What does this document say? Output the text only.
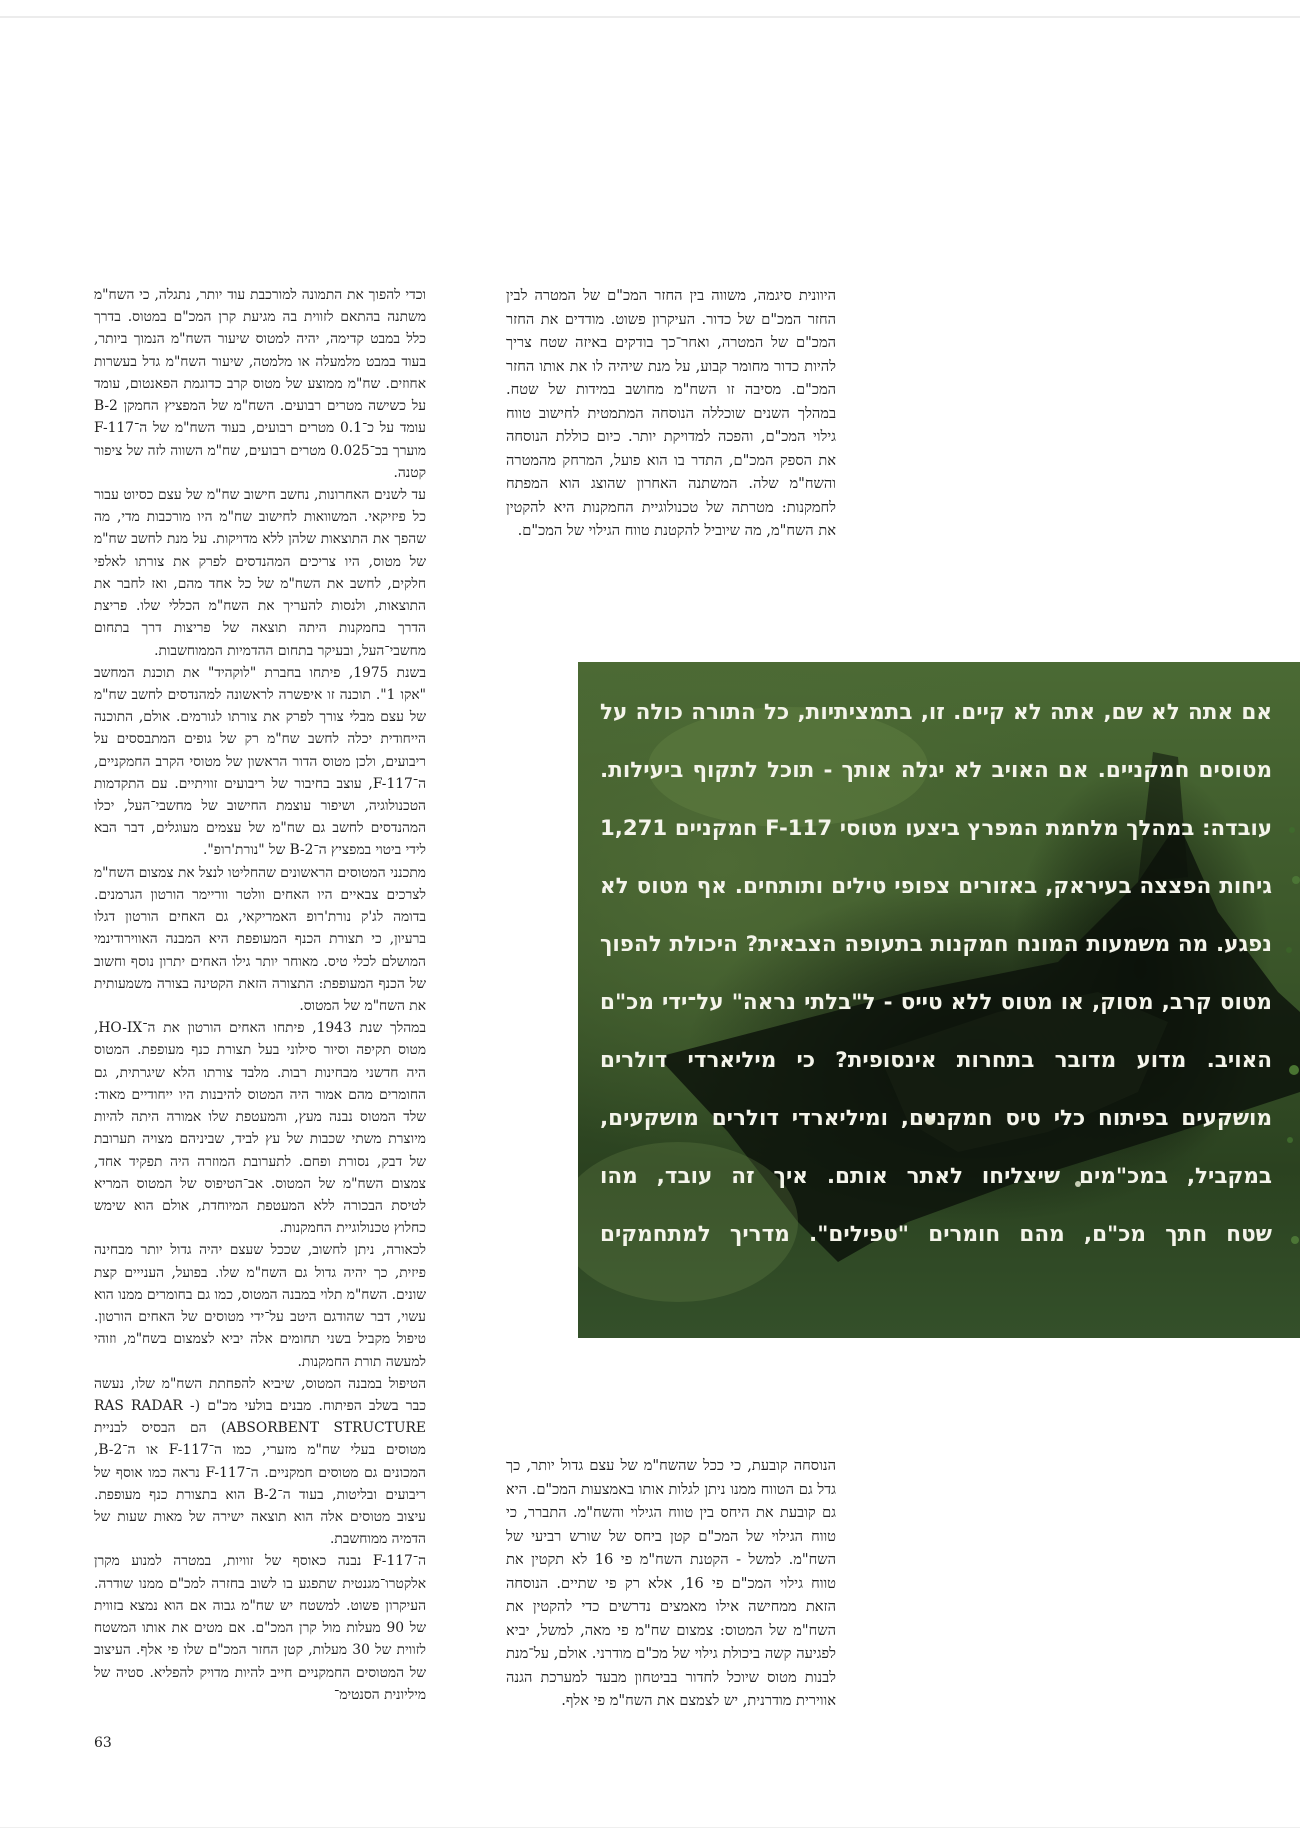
היוונית סיגמה, משווה בין החזר המכ"ם של המטרה לבין החזר המכ"ם של כדור. העיקרון פשוט. מודדים את החזר המכ"ם של המטרה, ואחר־כך בודקים באיזה שטח צריך להיות כדור מחומר קבוע, על מנת שיהיה לו את אותו החזר המכ"ם. מסיבה זו השח"מ מחושב במידות של שטח. במהלך השנים שוכללה הנוסחה המתמטית לחישוב טווח גילוי המכ"ם, והפכה למדויקת יותר. כיום כוללת הנוסחה את הספק המכ"ם, התדר בו הוא פועל, המרחק מהמטרה והשח"מ שלה. המשתנה האחרון שהוצג הוא המפתח לחמקנות: מטרתה של טכנולוגיית החמקנות היא להקטין את השח"מ, מה שיוביל להקטנת טווח הגילוי של המכ"ם.

וכדי להפוך את התמונה למורכבת עוד יותר, נתגלה, כי השח"מ משתנה בהתאם לזווית בה מגיעת קרן המכ"ם במטוס. בדרך כלל במבט קדימה, יהיה למטוס שיעור השח"מ הנמוך ביותר, בעוד במבט מלמעלה או מלמטה, שיעור השח"מ גדל בעשרות אחוזים. שח"מ ממוצע של מטוס קרב כדוגמת הפאנטום, עומד על כשישה מטרים רבועים. השח"מ של המפציץ החמקן B-2 עומד על כ־0.1 מטרים רבועים, בעוד השח"מ של ה־F-117 מוערך בכ־0.025 מטרים רבועים, שח"מ השווה לזה של ציפור קטנה.

עד לשנים האחרונות, נחשב חישוב שח"מ של עצם כסיוט עבור כל פיזיקאי. המשוואות לחישוב שח"מ היו מורכבות מדי, מה שהפך את התוצאות שלהן ללא מדויקות. על מנת לחשב שח"מ של מטוס, היו צריכים המהנדסים לפרק את צורתו לאלפי חלקים, לחשב את השח"מ של כל אחד מהם, ואז לחבר את התוצאות, ולנסות להעריך את השח"מ הכללי שלו. פריצת הדרך בחמקנות היתה תוצאה של פריצות דרך בתחום מחשבי־העל, ובעיקר בתחום ההדמיות הממוחשבות.

בשנת 1975, פיתחו בחברת "לוקהיד" את תוכנת המחשב "אקו 1". תוכנה זו איפשרה לראשונה למהנדסים לחשב שח"מ של עצם מבלי צורך לפרק את צורתו לגורמים. אולם, התוכנה הייחודית יכלה לחשב שח"מ רק של גופים המתבססים על ריבועים, ולכן מטוס הדור הראשון של מטוסי הקרב החמקניים, ה־F-117, עוצב בחיבור של ריבועים זוויתיים. עם התקדמות הטכנולוגיה, ושיפור עוצמת החישוב של מחשבי־העל, יכלו המהנדסים לחשב גם שח"מ של עצמים מעוגלים, דבר הבא לידי ביטוי במפציץ ה־B-2 של "נורת'רופ".

מתכנני המטוסים הראשונים שהחליטו לנצל את צמצום השח"מ לצרכים צבאיים היו האחים וולטר ווריימר הורטון הגרמנים. בדומה לג'ק נורת'רופ האמריקאי, גם האחים הורטון דגלו ברעיון, כי תצורת הכנף המעופפת היא המבנה האווירודינמי המושלם לכלי טיס. מאוחר יותר גילו האחים יתרון נוסף וחשוב של הכנף המעופפת: התצורה הזאת הקטינה בצורה משמעותית את השח"מ של המטוס.

במהלך שנת 1943, פיתחו האחים הורטון את ה־HO-IX, מטוס תקיפה וסיור סילוני בעל תצורת כנף מעופפת. המטוס היה חדשני מבחינות רבות. מלבד צורתו הלא שיגרתית, גם החומרים מהם אמור היה המטוס להיבנות היו ייחודיים מאוד: שלד המטוס נבנה מעץ, והמעטפת שלו אמורה היתה להיות מיוצרת משתי שכבות של עץ לביד, שביניהם מצויה תערובת של דבק, נסורת ופחם. לתערובת המוזרה היה תפקיד אחד, צמצום השח"מ של המטוס. אב־הטיפוס של המטוס המריא לטיסת הבכורה ללא המעטפת המיוחדת, אולם הוא שימש כחלוץ טכנולוגיית החמקנות.

לכאורה, ניתן לחשוב, שככל שעצם יהיה גדול יותר מבחינה פיזית, כך יהיה גדול גם השח"מ שלו. בפועל, הענייים קצת שונים. השח"מ תלוי במבנה המטוס, כמו גם בחומרים ממנו הוא עשוי, דבר שהודגם היטב על־ידי מטוסים של האחים הורטון. טיפול מקביל בשני תחומים אלה יביא לצמצום בשח"מ, וזוהי למעשה תורת החמקנות.

הטיפול במבנה המטוס, שיביא להפחתת השח"מ שלו, נעשה כבר בשלב הפיתוח. מבנים בולעי מכ"ם (- RAS RADAR ABSORBENT STRUCTURE) הם הבסיס לבניית מטוסים בעלי שח"מ מזערי, כמו ה־F-117 או ה־B-2, המכונים גם מטוסים חמקניים. ה־F-117 נראה כמו אוסף של ריבועים ובליטות, בעוד ה־B-2 הוא בתצורת כנף מעופפת. עיצוב מטוסים אלה הוא תוצאה ישירה של מאות שעות של הדמיה ממוחשבת.

ה־F-117 נבנה כאוסף של זוויות, במטרה למנוע מקרן אלקטרו־מגנטית שתפגע בו לשוב בחזרה למכ"ם ממנו שודרה. העיקרון פשוט. למשטח יש שח"מ גבוה אם הוא נמצא בזווית של 90 מעלות מול קרן המכ"ם. אם מטים את אותו המשטח לזווית של 30 מעלות, קטן החזר המכ"ם שלו פי אלף. העיצוב של המטוסים החמקניים חייב להיות מדויק להפליא. סטיה של מיליונית הסנטימ־

אם אתה לא שם, אתה לא קיים. זו, בתמציתיות, כל התורה כולה על
מטוסים חמקניים. אם האויב לא יגלה אותך - תוכל לתקוף ביעילות.
עובדה: במהלך מלחמת המפרץ ביצעו מטוסי F-117 חמקניים 1,271
גיחות הפצצה בעיראק, באזורים צפופי טילים ותותחים. אף מטוס לא
נפגע. מה משמעות המונח חמקנות בתעופה הצבאית? היכולת להפוך
מטוס קרב, מסוק, או מטוס ללא טייס - ל"בלתי נראה" על־ידי מכ"ם
האויב. מדוע מדובר בתחרות אינסופית? כי מיליארדי דולרים
מושקעים בפיתוח כלי טיס חמקניים, ומיליארדי דולרים מושקעים,
במקביל, במכ"מים שיצליחו לאתר אותם. איך זה עובד, מהו
שטח חתך מכ"ם, מהם חומרים "טפילים". מדריך למתחמקים

הנוסחה קובעת, כי ככל שהשח"מ של עצם גדול יותר, כך גדל גם הטווח ממנו ניתן לגלות אותו באמצעות המכ"ם. היא גם קובעת את היחס בין טווח הגילוי והשח"מ. התברר, כי טווח הגילוי של המכ"ם קטן ביחס של שורש רביעי של השח"מ. למשל - הקטנת השח"מ פי 16 לא תקטין את טווח גילוי המכ"ם פי 16, אלא רק פי שתיים. הנוסחה הזאת ממחישה אילו מאמצים נדרשים כדי להקטין את השח"מ של המטוס: צמצום שח"מ פי מאה, למשל, יביא לפגיעה קשה ביכולת גילוי של מכ"ם מודרני. אולם, על־מנת לבנות מטוס שיוכל לחדור בביטחון מבעד למערכת הגנה אווירית מודרנית, יש לצמצם את השח"מ פי אלף.

63
